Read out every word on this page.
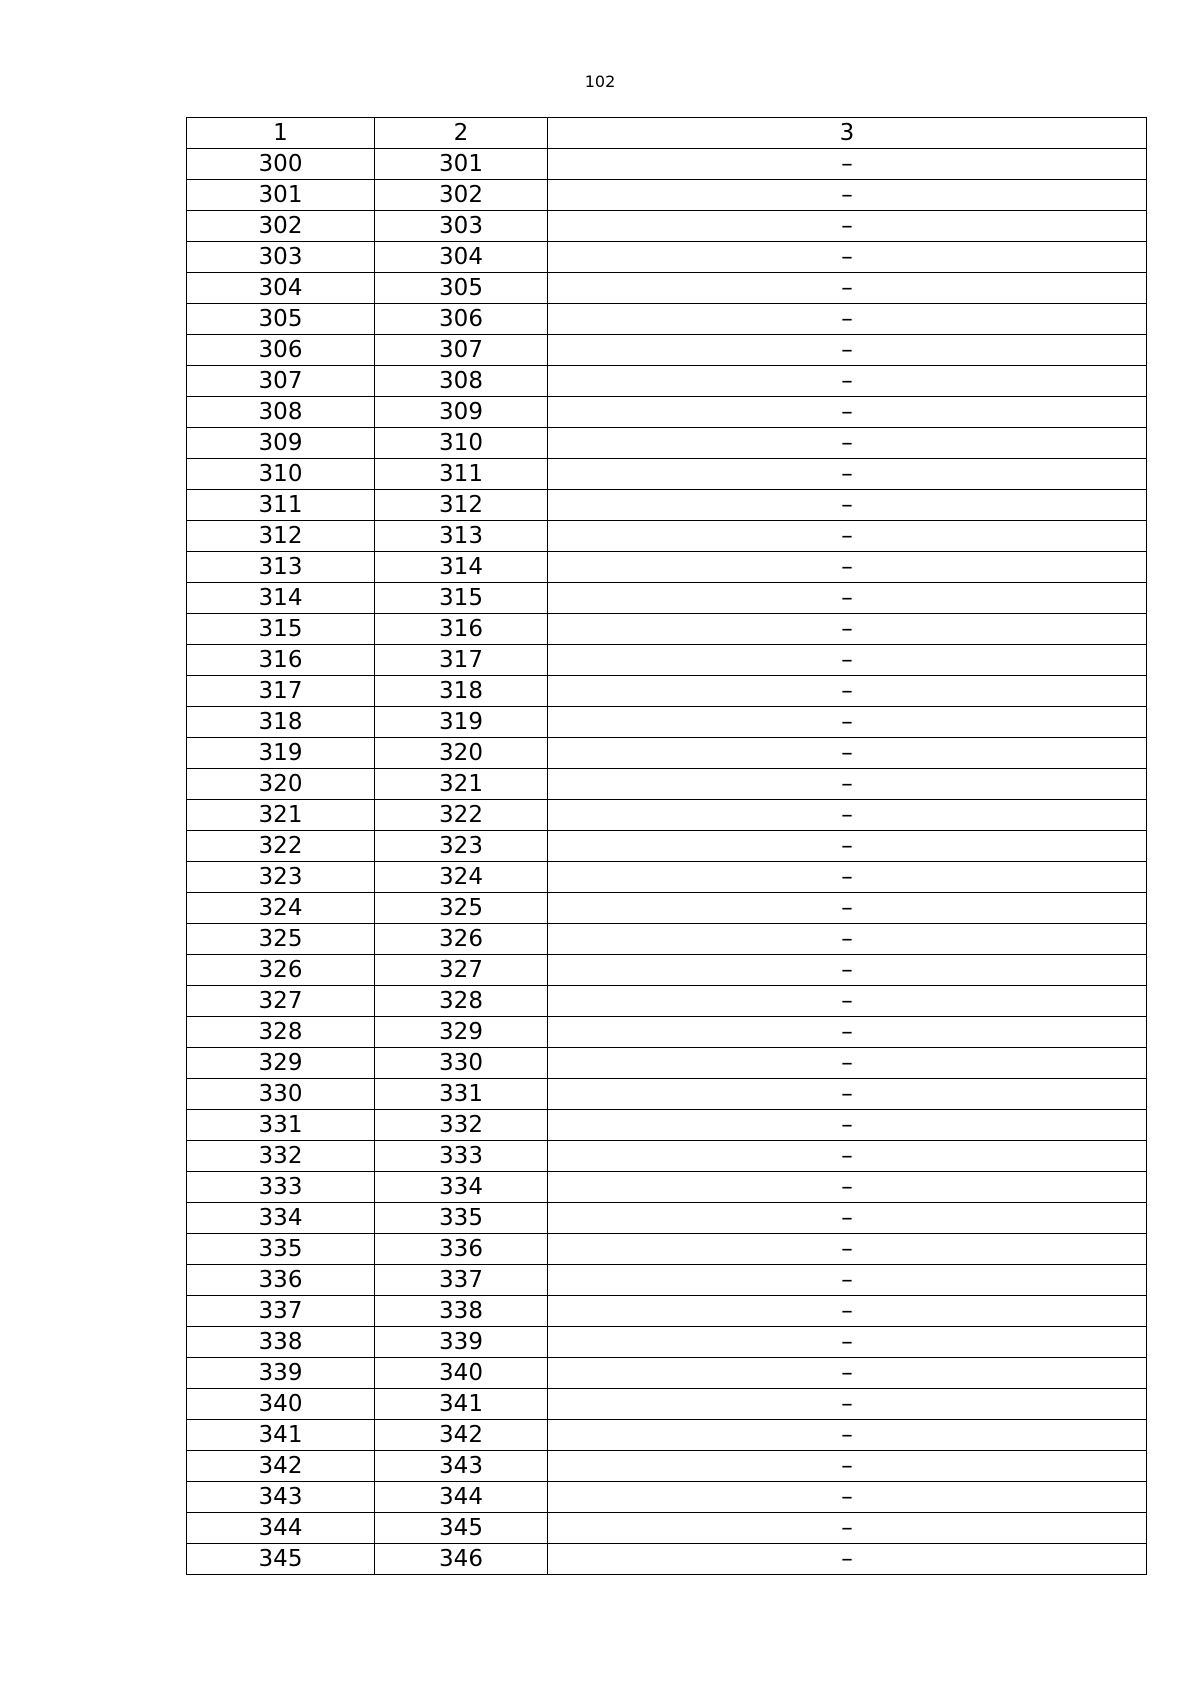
102
1	2	3
300	301	–
301	302	–
302	303	–
303	304	–
304	305	–
305	306	–
306	307	–
307	308	–
308	309	–
309	310	–
310	311	–
311	312	–
312	313	–
313	314	–
314	315	–
315	316	–
316	317	–
317	318	–
318	319	–
319	320	–
320	321	–
321	322	–
322	323	–
323	324	–
324	325	–
325	326	–
326	327	–
327	328	–
328	329	–
329	330	–
330	331	–
331	332	–
332	333	–
333	334	–
334	335	–
335	336	–
336	337	–
337	338	–
338	339	–
339	340	–
340	341	–
341	342	–
342	343	–
343	344	–
344	345	–
345	346	–
